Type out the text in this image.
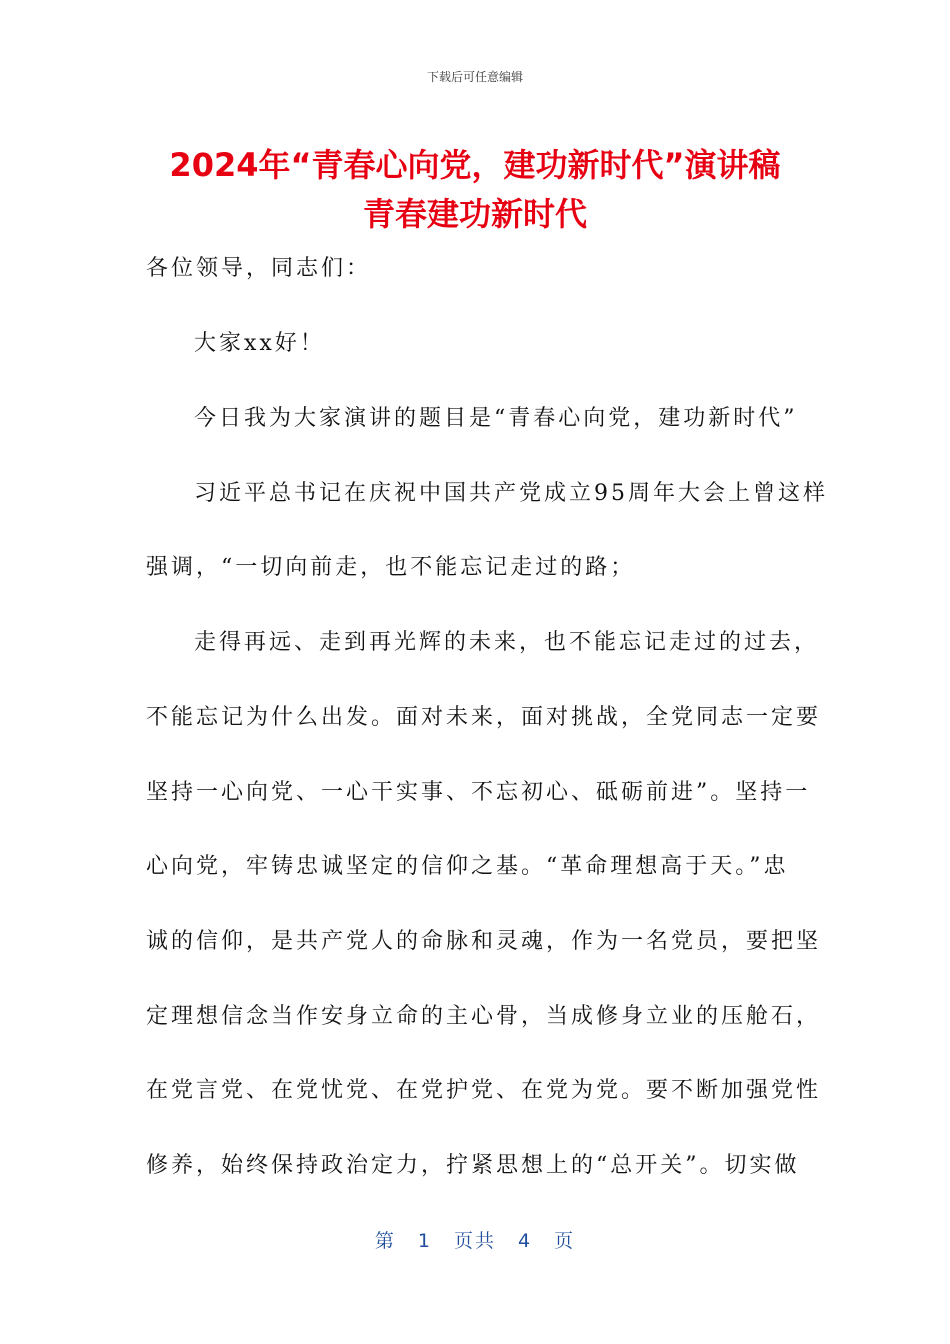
下载后可任意编辑
2024年“青春心向党，建功新时代”演讲稿
青春建功新时代
各位领导，同志们：
大家xx好！
今日我为大家演讲的题目是“青春心向党，建功新时代”
习近平总书记在庆祝中国共产党成立95周年大会上曾这样
强调，“一切向前走，也不能忘记走过的路；
走得再远、走到再光辉的未来，也不能忘记走过的过去，
不能忘记为什么出发。面对未来，面对挑战，全党同志一定要
坚持一心向党、一心干实事、不忘初心、砥砺前进”。坚持一
心向党，牢铸忠诚坚定的信仰之基。“革命理想高于天。”忠
诚的信仰，是共产党人的命脉和灵魂，作为一名党员，要把坚
定理想信念当作安身立命的主心骨，当成修身立业的压舱石，
在党言党、在党忧党、在党护党、在党为党。要不断加强党性
修养，始终保持政治定力，拧紧思想上的“总开关”。切实做
第 1 页共 4 页
